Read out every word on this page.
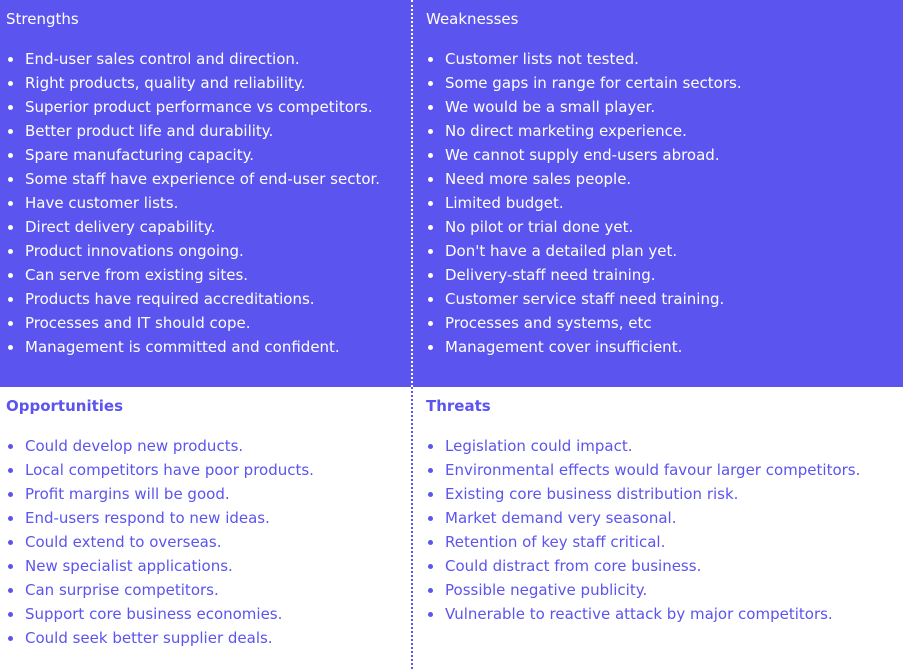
Strengths
End-user sales control and direction.
Right products, quality and reliability.
Superior product performance vs competitors.
Better product life and durability.
Spare manufacturing capacity.
Some staff have experience of end-user sector.
Have customer lists.
Direct delivery capability.
Product innovations ongoing.
Can serve from existing sites.
Products have required accreditations.
Processes and IT should cope.
Management is committed and confident.
Weaknesses
Customer lists not tested.
Some gaps in range for certain sectors.
We would be a small player.
No direct marketing experience.
We cannot supply end-users abroad.
Need more sales people.
Limited budget.
No pilot or trial done yet.
Don't have a detailed plan yet.
Delivery-staff need training.
Customer service staff need training.
Processes and systems, etc
Management cover insufficient.
Opportunities
Could develop new products.
Local competitors have poor products.
Profit margins will be good.
End-users respond to new ideas.
Could extend to overseas.
New specialist applications.
Can surprise competitors.
Support core business economies.
Could seek better supplier deals.
Threats
Legislation could impact.
Environmental effects would favour larger competitors.
Existing core business distribution risk.
Market demand very seasonal.
Retention of key staff critical.
Could distract from core business.
Possible negative publicity.
Vulnerable to reactive attack by major competitors.
